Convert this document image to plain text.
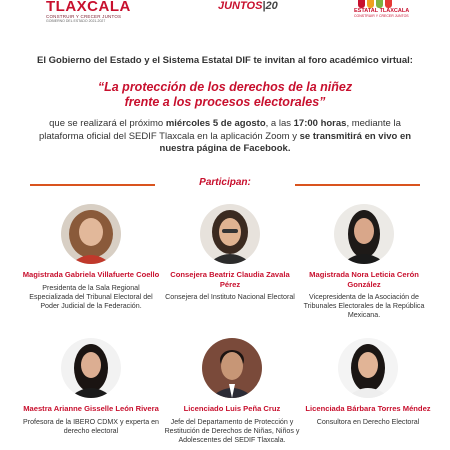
TLAXCALA
CONSTRUIR Y CRECER JUNTOS
GOBIERNO DEL ESTADO 2021-2027
JUNTOS|20	ESTATAL TLAXCALA
CONSTRUIR Y CRECER JUNTOS
El Gobierno del Estado y el Sistema Estatal DIF te invitan al foro académico virtual:
“La protección de los derechos de la niñez
frente a los procesos electorales”
que se realizará el próximo miércoles 5 de agosto, a las 17:00 horas, mediante la plataforma oficial del SEDIF Tlaxcala en la aplicación Zoom y se transmitirá en vivo en nuestra página de Facebook.
Participan:
Magistrada Gabriela Villafuerte Coello
Presidenta de la Sala Regional Especializada del Tribunal Electoral del Poder Judicial de la Federación.
Consejera Beatriz Claudia Zavala Pérez
Consejera del Instituto Nacional Electoral
Magistrada Nora Leticia Cerón González
Vicepresidenta de la Asociación de Tribunales Electorales de la República Mexicana.
Maestra Arianne Gisselle León Rivera
Profesora de la IBERO CDMX y experta en derecho electoral
Licenciado Luis Peña Cruz
Jefe del Departamento de Protección y Restitución de Derechos de Niñas, Niños y Adolescentes del SEDIF Tlaxcala.
Licenciada Bárbara Torres Méndez
Consultora en Derecho Electoral
